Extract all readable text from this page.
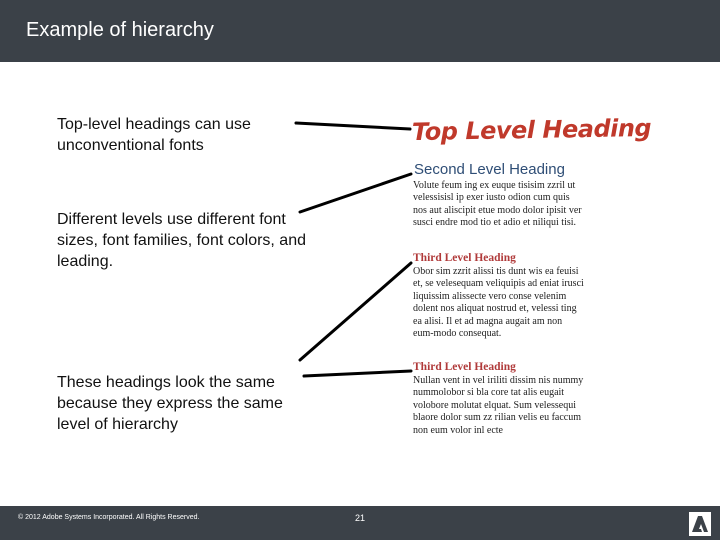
Example of hierarchy
Top-level headings can use unconventional fonts
Different levels use different font sizes, font families, font colors, and leading.
These headings look the same because they express the same level of hierarchy
Top Level Heading
Second Level Heading
Volute feum ing ex euque tisisim zzril ut velessisisl ip exer iusto odion cum quis nos aut aliscipit etue modo dolor ipisit ver susci endre mod tio et adio et niliqui tisi.
Third Level Heading
Obor sim zzrit alissi tis dunt wis ea feuisi et, se velesequam veliquipis ad eniat irusci liquissim alissecte vero conse velenim dolent nos aliquat nostrud et, velessi ting ea alisi. Il et ad magna augait am non eum-modo consequat.
Third Level Heading
Nullan vent in vel iriliti dissim nis nummy nummolobor si bla core tat alis eugait volobore molutat elquat. Sum velessequi blaore dolor sum zz rilian velis eu faccum non eum volor inl ecte
© 2012 Adobe Systems Incorporated. All Rights Reserved.	21
